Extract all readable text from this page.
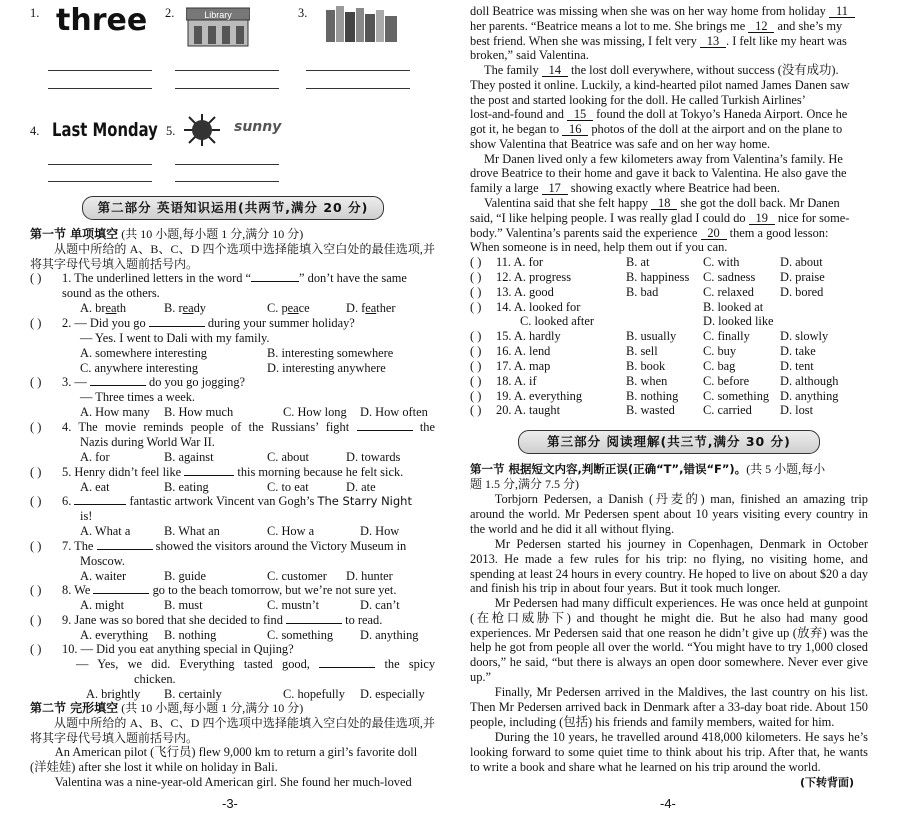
1. three 2.	Library	3.
4. Last Monday 5.	sunny
第二部分 英语知识运用(共两节,满分 20 分)
第一节 单项填空 (共 10 小题,每小题 1 分,满分 10 分)

从题中所给的 A、B、C、D 四个选项中选择能填入空白处的最佳选项,并将其字母代号填入题前括号内。

( ) 1. The underlined letters in the word “	” don’t have the same sound as the others.
A. breath	B. ready	C. peace	D. feather
( ) 2. — Did you go	during your summer holiday?
— Yes. I went to Dali with my family.
A. somewhere interesting	B. interesting somewhere
C. anywhere interesting	D. interesting anywhere
( ) 3. —	do you go jogging?
— Three times a week.
A. How many B. How much	C. How long D. How often
( ) 4. The movie reminds people of the Russians’ fight	the
Nazis during World War II.
A. for	B. against	C. about	D. towards
( ) 5. Henry didn’t feel like	this morning because he felt sick.
A. eat	B. eating	C. to eat	D. ate
( ) 6.	fantastic artwork Vincent van Gogh’s The Starry Night
is!
A. What a	B. What an	C. How a	D. How
( ) 7. The	showed the visitors around the Victory Museum in
Moscow.
A. waiter	B. guide	C. customer D. hunter
( ) 8. We	go to the beach tomorrow, but we’re not sure yet.
A. might	B. must	C. mustn’t	D. can’t
( ) 9. Jane was so bored that she decided to find	to read.
A. everything B. nothing	C. something D. anything
( ) 10. — Did you eat anything special in Qujing?
— Yes, we did. Everything tasted good,	the spicy
chicken.
A. brightly B. certainly	C. hopefully D. especially
第二节 完形填空 (共 10 小题,每小题 1 分,满分 10 分)

从题中所给的 A、B、C、D 四个选项中选择能填入空白处的最佳选项,并将其字母代号填入题前括号内。

An American pilot (飞行员) flew 9,000 km to return a girl’s favorite doll
(洋娃娃) after she lost it while on holiday in Bali.
Valentina was a nine-year-old American girl. She found her much-loved
doll Beatrice was missing when she was on her way home from holiday 11
her parents. “Beatrice means a lot to me. She brings me 12 and she’s my
best friend. When she was missing, I felt very 13 . I felt like my heart was
broken,” said Valentina.
The family 14 the lost doll everywhere, without success (没有成功).
They posted it online. Luckily, a kind-hearted pilot named James Danen saw
the post and started looking for the doll. He called Turkish Airlines’
lost-and-found and 15 found the doll at Tokyo’s Haneda Airport. Once he
got it, he began to 16 photos of the doll at the airport and on the plane to
show Valentina that Beatrice was safe and on her way home.
Mr Danen lived only a few kilometers away from Valentina’s family. He
drove Beatrice to their home and gave it back to Valentina. He also gave the
family a large 17 showing exactly where Beatrice had been.
Valentina said that she felt happy 18 she got the doll back. Mr Danen
said, “I like helping people. I was really glad I could do 19 nice for some-
body.” Valentina’s parents said the experience 20 them a good lesson:
When someone is in need, help them out if you can.
( ) 11. A. for	B. at	C. with	D. about
( ) 12. A. progress	B. happiness C. sadness D. praise
( ) 13. A. good	B. bad	C. relaxed D. bored
( ) 14. A. looked for	B. looked at
C. looked after	D. looked like
( ) 15. A. hardly	B. usually C. finally D. slowly
( ) 16. A. lend	B. sell	C. buy	D. take
( ) 17. A. map	B. book	C. bag	D. tent
( ) 18. A. if	B. when	C. before D. although
( ) 19. A. everything	B. nothing C. something D. anything
( ) 20. A. taught	B. wasted C. carried D. lost
第三部分 阅读理解(共三节,满分 30 分)
第一节 根据短文内容,判断正误(正确“T”,错误“F”)。(共 5 小题,每小
题 1.5 分,满分 7.5 分)

Torbjorn Pedersen, a Danish (丹麦的) man, finished an amazing trip around the world. Mr Pedersen spent about 10 years visiting every country in the world and he did it all without flying.

Mr Pedersen started his journey in Copenhagen, Denmark in October 2013. He made a few rules for his trip: no flying, no visiting home, and spending at least 24 hours in every country. He hoped to live on about $20 a day and finish his trip in about four years. But it took much longer.

Mr Pedersen had many difficult experiences. He was once held at gunpoint (在枪口威胁下) and thought he might die. But he also had many good experiences. Mr Pedersen said that one reason he didn’t give up (放弃) was the help he got from people all over the world. “You might have to try 1,000 closed doors,” he said, “but there is always an open door somewhere. Never ever give up.”

Finally, Mr Pedersen arrived in the Maldives, the last country on his list. Then Mr Pedersen arrived back in Denmark after a 33-day boat ride. About 150 people, including (包括) his friends and family members, waited for him.

During the 10 years, he travelled around 418,000 kilometers. He says he’s looking forward to some quiet time to think about his trip. After that, he wants to write a book and share what he learned on his trip around the world.

(下转背面)
-3-	-4-
